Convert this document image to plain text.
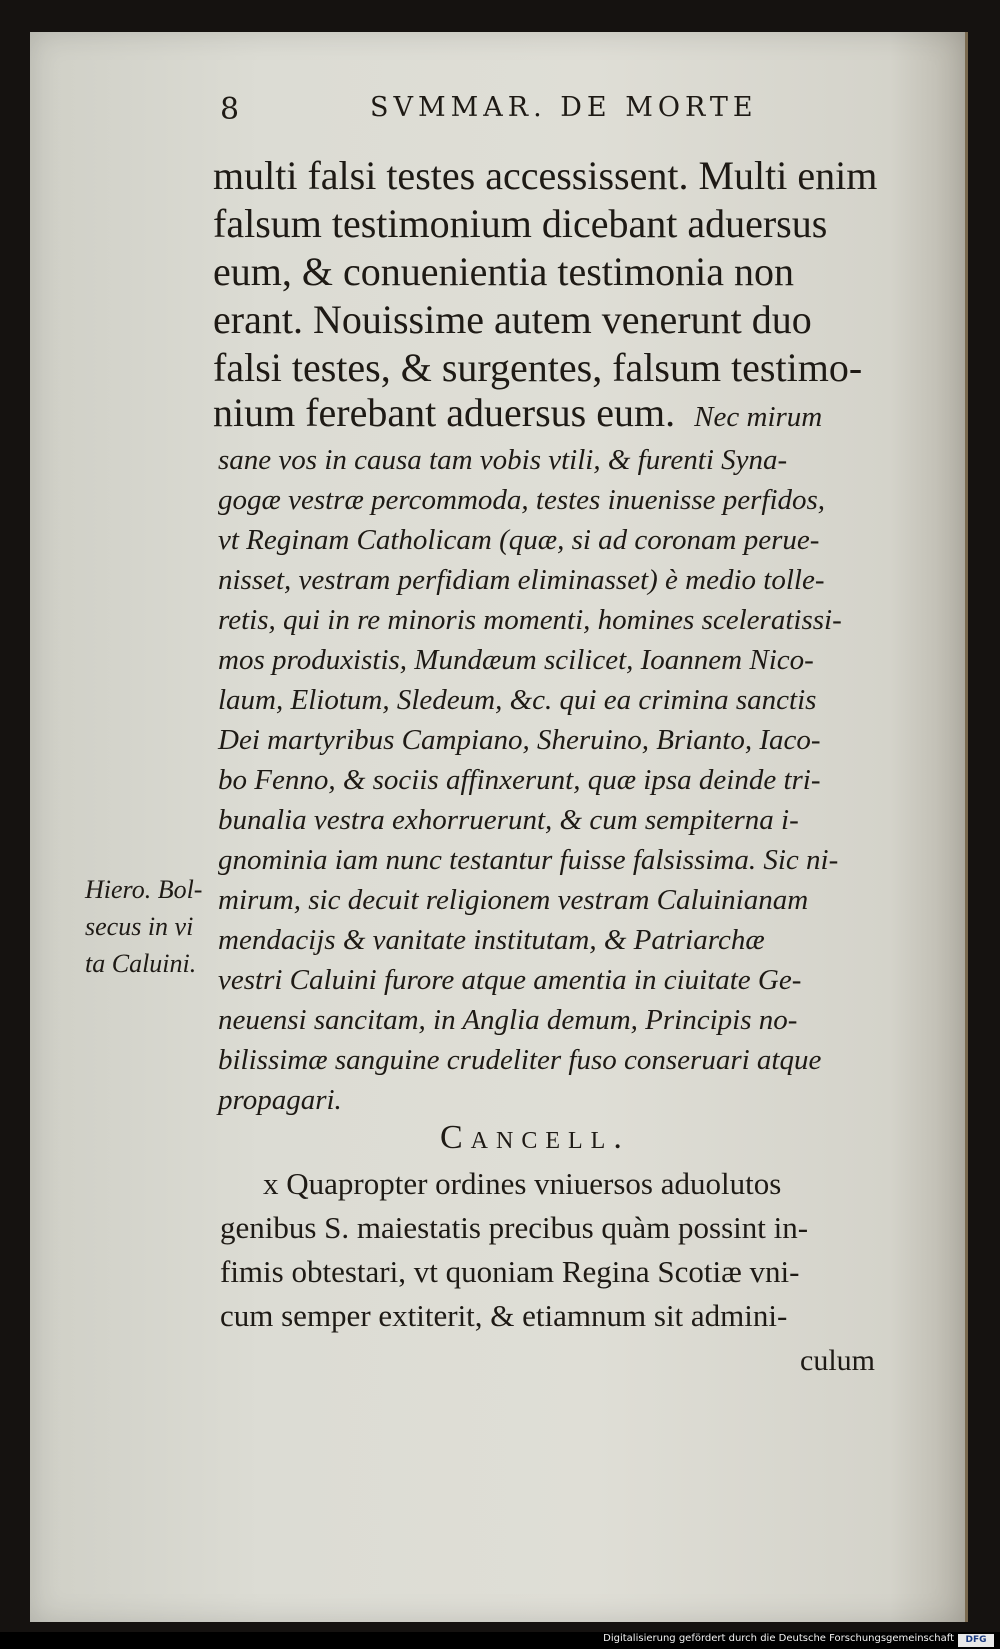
8	SVMMAR. DE MORTE
multi falsi testes accessissent. Multi enim
falsum testimonium dicebant aduersus
eum, & conuenientia testimonia non
erant. Nouissime autem venerunt duo
falsi testes, & surgentes, falsum testimo-
nium ferebant aduersus eum. Nec mirum
sane vos in causa tam vobis vtili, & furenti Syna-
gogæ vestræ percommoda, testes inuenisse perfidos,
vt Reginam Catholicam (quæ, si ad coronam perue-
nisset, vestram perfidiam eliminasset) è medio tolle-
retis, qui in re minoris momenti, homines sceleratissi-
mos produxistis, Mundæum scilicet, Ioannem Nico-
laum, Eliotum, Sledeum, &c. qui ea crimina sanctis
Dei martyribus Campiano, Sheruino, Brianto, Iaco-
bo Fenno, & sociis affinxerunt, quæ ipsa deinde tri-
bunalia vestra exhorruerunt, & cum sempiterna i-
gnominia iam nunc testantur fuisse falsissima. Sic ni-
mirum, sic decuit religionem vestram Caluinianam
mendacijs & vanitate institutam, & Patriarchæ
vestri Caluini furore atque amentia in ciuitate Ge-
neuensi sancitam, in Anglia demum, Principis no-
bilissimæ sanguine crudeliter fuso conseruari atque
propagari.
Hiero. Bol-
secus in vi
ta Caluini.
Cancell.
x Quapropter ordines vniuersos aduolutos
genibus S. maiestatis precibus quàm possint in-
fimis obtestari, vt quoniam Regina Scotiæ vni-
cum semper extiterit, & etiamnum sit admini-
culum
Digitalisierung gefördert durch die Deutsche Forschungsgemeinschaft	DFG
